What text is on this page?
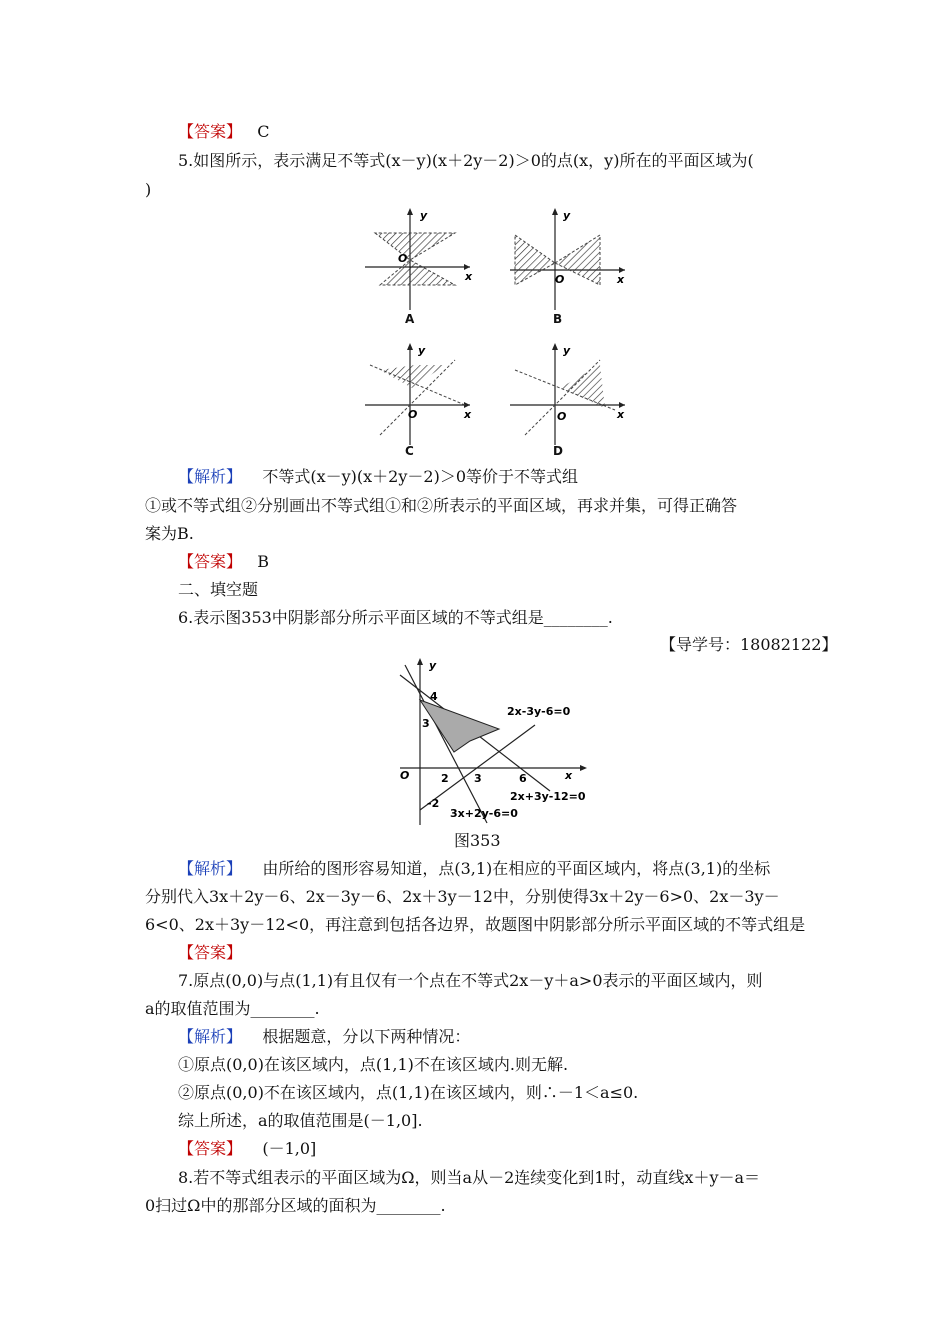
【答案】 C
5.如图所示，表示满足不等式(x－y)(x＋2y－2)＞0的点(x，y)所在的平面区域为(
)
y
x
O
A
y
x
O
B
y
x
O
C
y
x
O
D
【解析】 不等式(x－y)(x＋2y－2)＞0等价于不等式组
①或不等式组②分别画出不等式组①和②所表示的平面区域，再求并集，可得正确答
案为B.
【答案】 B
二、填空题
6.表示图353中阴影部分所示平面区域的不等式组是________.
【导学号：18082122】
y
x
O
4
3
2 3	6
-2
2x-3y-6=0
2x+3y-12=0
3x+2y-6=0
图353
【解析】 由所给的图形容易知道，点(3,1)在相应的平面区域内，将点(3,1)的坐标
分别代入3x＋2y－6、2x－3y－6、2x＋3y－12中，分别使得3x＋2y－6>0、2x－3y－
6<0、2x＋3y－12<0，再注意到包括各边界，故题图中阴影部分所示平面区域的不等式组是
【答案】
7.原点(0,0)与点(1,1)有且仅有一个点在不等式2x－y＋a>0表示的平面区域内，则
a的取值范围为________.
【解析】 根据题意，分以下两种情况：
①原点(0,0)在该区域内，点(1,1)不在该区域内.则无解.
②原点(0,0)不在该区域内，点(1,1)在该区域内，则∴－1＜a≤0.
综上所述，a的取值范围是(－1,0].
【答案】 (－1,0]
8.若不等式组表示的平面区域为Ω，则当a从－2连续变化到1时，动直线x＋y－a＝
0扫过Ω中的那部分区域的面积为________.
